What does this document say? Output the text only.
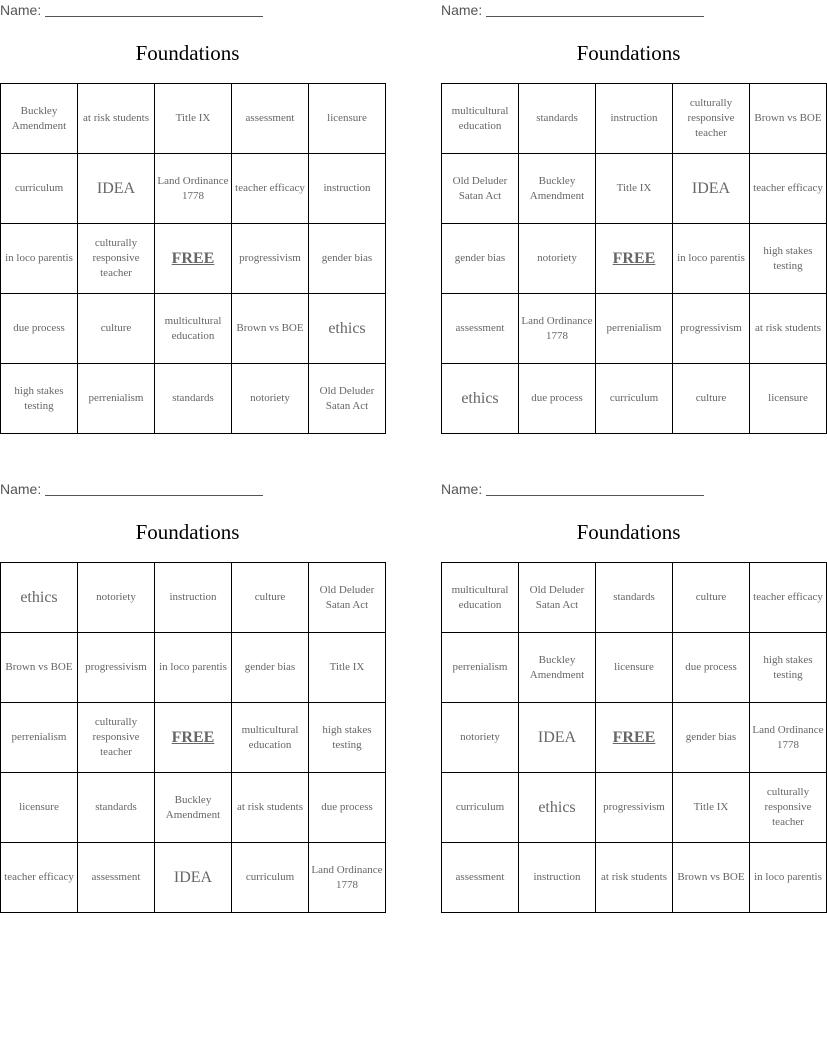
Name:
Foundations
Buckley Amendment	at risk students	Title IX	assessment	licensure
curriculum	IDEA	Land Ordinance 1778	teacher efficacy	instruction
in loco parentis	culturally responsive teacher	FREE	progressivism	gender bias
due process	culture	multicultural education	Brown vs BOE	ethics
high stakes testing	perrenialism	standards	notoriety	Old Deluder Satan Act
Name:
Foundations
multicultural education	standards	instruction	culturally responsive teacher	Brown vs BOE
Old Deluder Satan Act	Buckley Amendment	Title IX	IDEA	teacher efficacy
gender bias	notoriety	FREE	in loco parentis	high stakes testing
assessment	Land Ordinance 1778	perrenialism	progressivism	at risk students
ethics	due process	curriculum	culture	licensure
Name:
Foundations
ethics	notoriety	instruction	culture	Old Deluder Satan Act
Brown vs BOE	progressivism	in loco parentis	gender bias	Title IX
perrenialism	culturally responsive teacher	FREE	multicultural education	high stakes testing
licensure	standards	Buckley Amendment	at risk students	due process
teacher efficacy	assessment	IDEA	curriculum	Land Ordinance 1778
Name:
Foundations
multicultural education	Old Deluder Satan Act	standards	culture	teacher efficacy
perrenialism	Buckley Amendment	licensure	due process	high stakes testing
notoriety	IDEA	FREE	gender bias	Land Ordinance 1778
curriculum	ethics	progressivism	Title IX	culturally responsive teacher
assessment	instruction	at risk students	Brown vs BOE	in loco parentis
